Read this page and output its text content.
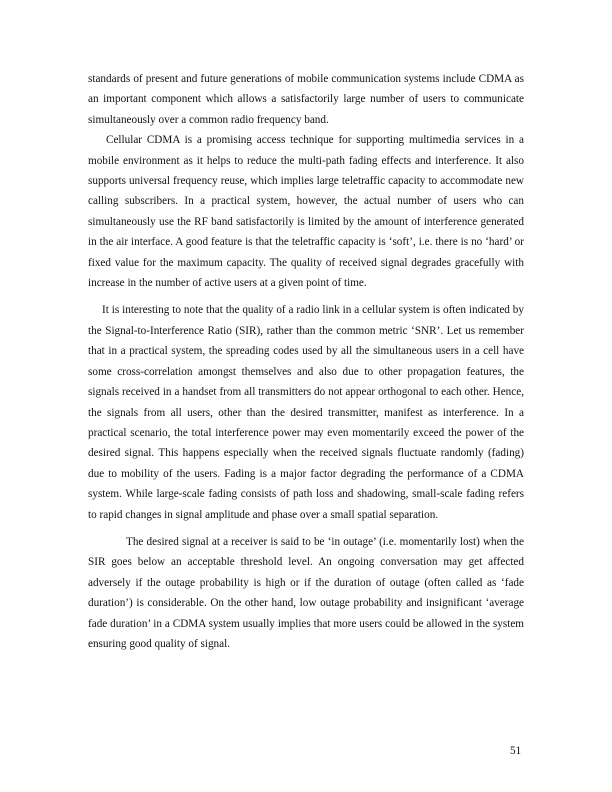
standards of present and future generations of mobile communication systems include CDMA as an important component which allows a satisfactorily large number of users to communicate simultaneously over a common radio frequency band.

Cellular CDMA is a promising access technique for supporting multimedia services in a mobile environment as it helps to reduce the multi-path fading effects and interference. It also supports universal frequency reuse, which implies large teletraffic capacity to accommodate new calling subscribers. In a practical system, however, the actual number of users who can simultaneously use the RF band satisfactorily is limited by the amount of interference generated in the air interface. A good feature is that the teletraffic capacity is ‘soft’, i.e. there is no ‘hard’ or fixed value for the maximum capacity. The quality of received signal degrades gracefully with increase in the number of active users at a given point of time.

It is interesting to note that the quality of a radio link in a cellular system is often indicated by the Signal-to-Interference Ratio (SIR), rather than the common metric ‘SNR’. Let us remember that in a practical system, the spreading codes used by all the simultaneous users in a cell have some cross-correlation amongst themselves and also due to other propagation features, the signals received in a handset from all transmitters do not appear orthogonal to each other. Hence, the signals from all users, other than the desired transmitter, manifest as interference. In a practical scenario, the total interference power may even momentarily exceed the power of the desired signal. This happens especially when the received signals fluctuate randomly (fading) due to mobility of the users. Fading is a major factor degrading the performance of a CDMA system. While large-scale fading consists of path loss and shadowing, small-scale fading refers to rapid changes in signal amplitude and phase over a small spatial separation.

The desired signal at a receiver is said to be ‘in outage’ (i.e. momentarily lost) when the SIR goes below an acceptable threshold level. An ongoing conversation may get affected adversely if the outage probability is high or if the duration of outage (often called as ‘fade duration’) is considerable. On the other hand, low outage probability and insignificant ‘average fade duration’ in a CDMA system usually implies that more users could be allowed in the system ensuring good quality of signal.

51
